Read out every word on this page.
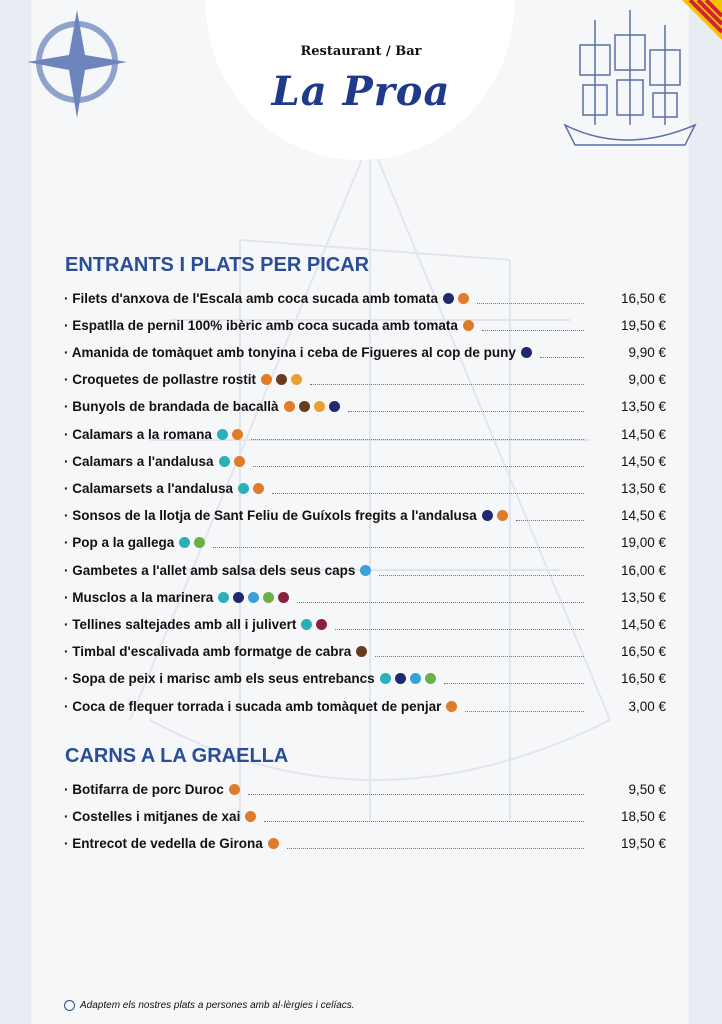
Restaurant / Bar
La Proa
ENTRANTS I PLATS PER PICAR
· Filets d'anxova de l'Escala amb coca sucada amb tomata	16,50 €
· Espatlla de pernil 100% ibèric amb coca sucada amb tomata	19,50 €
· Amanida de tomàquet amb tonyina i ceba de Figueres al cop de puny	9,90 €
· Croquetes de pollastre rostit	9,00 €
· Bunyols de brandada de bacallà	13,50 €
· Calamars a la romana	14,50 €
· Calamars a l'andalusa	14,50 €
· Calamarsets a l'andalusa	13,50 €
· Sonsos de la llotja de Sant Feliu de Guíxols fregits a l'andalusa	14,50 €
· Pop a la gallega	19,00 €
· Gambetes a l'allet amb salsa dels seus caps	16,00 €
· Musclos a la marinera	13,50 €
· Tellines saltejades amb all i julivert	14,50 €
· Timbal d'escalivada amb formatge de cabra	16,50 €
· Sopa de peix i marisc amb els seus entrebancs	16,50 €
· Coca de flequer torrada i sucada amb tomàquet de penjar	3,00 €
CARNS A LA GRAELLA
· Botifarra de porc Duroc	9,50 €
· Costelles i mitjanes de xai	18,50 €
· Entrecot de vedella de Girona	19,50 €
Adaptem els nostres plats a persones amb al·lèrgies i celíacs.
